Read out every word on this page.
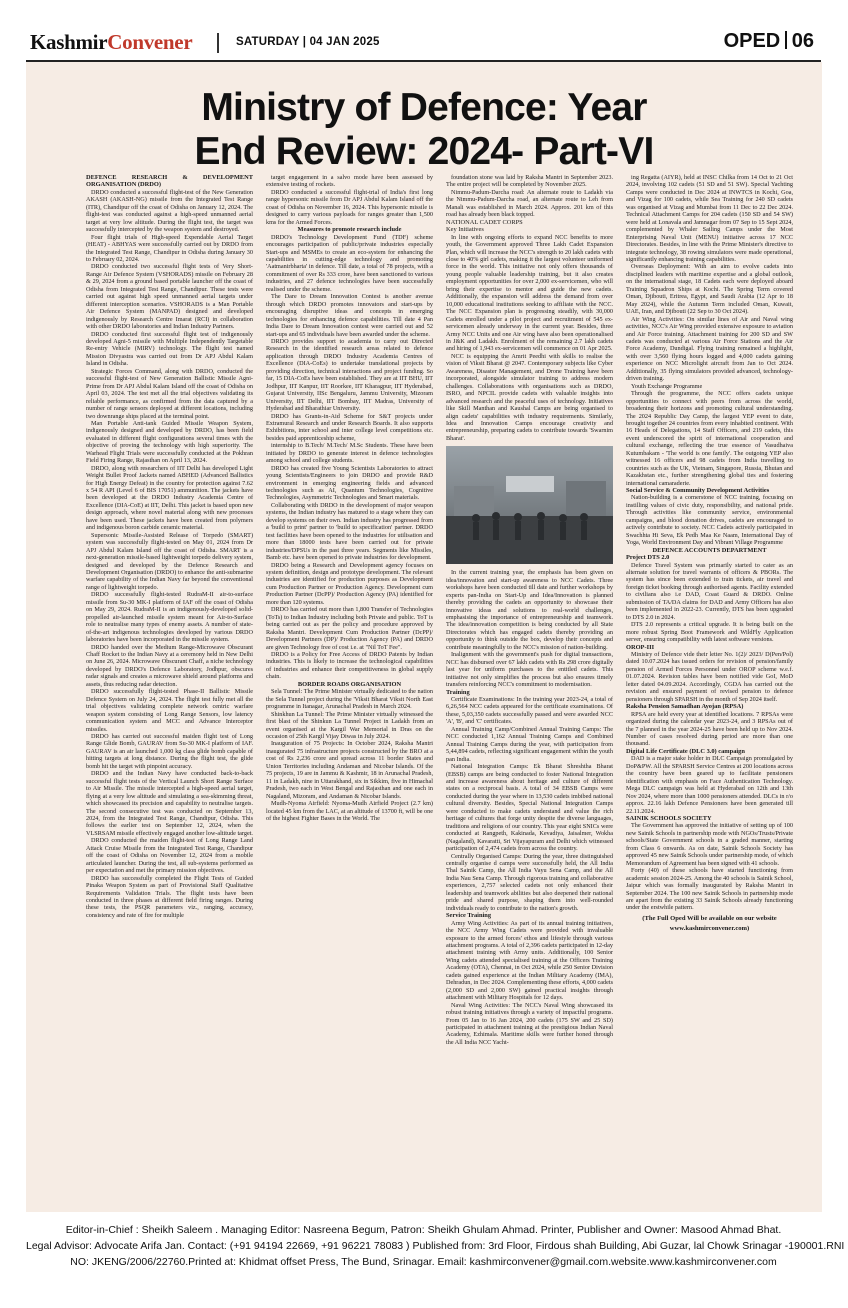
KashmirConvener	SATURDAY | 04 JAN 2025	OPED 06
Ministry of Defence: Year
End Review: 2024- Part-VI

DEFENCE RESEARCH & DEVELOPMENT ORGANISATION (DRDO)

DRDO conducted a successful flight-test of the New Generation AKASH (AKASH-NG) missile from the Integrated Test Range (ITR), Chandipur off the coast of Odisha on January 12, 2024. The flight-test was conducted against a high-speed unmanned aerial target at very low altitude. During the flight test, the target was successfully intercepted by the weapon system and destroyed.

Four flight trials of High-speed Expendable Aerial Target (HEAT) - ABHYAS were successfully carried out by DRDO from the Integrated Test Range, Chandipur in Odisha during January 30 to February 02, 2024.

DRDO conducted two successful flight tests of Very Short-Range Air Defence System (VSHORADS) missile on February 28 & 29, 2024 from a ground based portable launcher off the coast of Odisha from Integrated Test Range, Chandipur. These tests were carried out against high speed unmanned aerial targets under different interception scenarios. VSHORADS is a Man Portable Air Defence System (MANPAD) designed and developed indigenously by Research Centre Imarat (RCI) in collaboration with other DRDO laboratories and Indian Industry Partners.

DRDO conducted first successful flight test of indigenously developed Agni-5 missile with Multiple Independently Targetable Re-entry Vehicle (MIRV) technology. The flight test named Mission Divyastra was carried out from Dr APJ Abdul Kalam Island in Odisha.

Strategic Forces Command, along with DRDO, conducted the successful flight-test of New Generation Ballistic Missile Agni-Prime from Dr APJ Abdul Kalam Island off the coast of Odisha on April 03, 2024. The test met all the trial objectives validating its reliable performance, as confirmed from the data captured by a number of range sensors deployed at different locations, including two downrange ships placed at the terminal point.

Man Portable Anti-tank Guided Missile Weapon System, indigenously designed and developed by DRDO, has been field evaluated in different flight configurations several times with the objective of proving the technology with high superiority. The Warhead Flight Trials were successfully conducted at the Pokhran Field Firing Range, Rajasthan on April 13, 2024.

DRDO, along with researchers of IIT Delhi has developed Light Weight Bullet Proof Jackets named ABHED (Advanced Ballistics for High Energy Defeat) in the country for protection against 7.62 x 54 R API (Level 6 of BIS 17051) ammunition. The jackets have been developed at the DRDO Industry Academia Centre of Excellence (DIA-CoE) at IIT, Delhi. This jacket is based upon new design approach, where novel material along with new processes have been used. These jackets have been created from polymers and indigenous boron carbide ceramic material.

Supersonic Missile-Assisted Release of Torpedo (SMART) system was successfully flight-tested on May 01, 2024 from Dr APJ Abdul Kalam Island off the coast of Odisha. SMART is a next-generation missile-based lightweight torpedo delivery system, designed and developed by the Defence Research and Development Organisation (DRDO) to enhance the anti-submarine warfare capability of the Indian Navy far beyond the conventional range of lightweight torpedo.

DRDO successfully flight-tested RudraM-II air-to-surface missile from Su-30 MK-I platform of IAF off the coast of Odisha on May 29, 2024. RudraM-II is an indigenously-developed solid-propelled air-launched missile system meant for Air-to-Surface role to neutralise many types of enemy assets. A number of state-of-the-art indigenous technologies developed by various DRDO laboratories have been incorporated in the missile system.

DRDO handed over the Medium Range-Microwave Obscurant Chaff Rocket to the Indian Navy at a ceremony held in New Delhi on June 26, 2024. Microwave Obscurant Chaff, a niche technology developed by DRDO's Defence Laboratory, Jodhpur, obscures radar signals and creates a microwave shield around platforms and assets, thus reducing radar detection.

DRDO successfully flight-tested Phase-II Ballistic Missile Defence System on July 24, 2024. The flight test fully met all the trial objectives validating complete network centric warfare weapon system consisting of Long Range Sensors, low latency communication system and MCC and Advance Interceptor missiles.

DRDO has carried out successful maiden flight test of Long Range Glide Bomb, GAURAV from Su-30 MK-I platform of IAF. GAURAV is an air launched 1,000 kg class glide bomb capable of hitting targets at long distance. During the flight test, the glide bomb hit the target with pinpoint accuracy.

DRDO and the Indian Navy have conducted back-to-back successful flight tests of the Vertical Launch Short Range Surface to Air Missile. The missile intercepted a high-speed aerial target, flying at a very low altitude and simulating a sea-skimming threat, which showcased its precision and capability to neutralise targets. The second consecutive test was conducted on September 13, 2024, from the Integrated Test Range, Chandipur, Odisha. This follows the earlier test on September 12, 2024, when the VLSRSAM missile effectively engaged another low-altitude target.

DRDO conducted the maiden flight-test of Long Range Land Attack Cruise Missile from the Integrated Test Range, Chandipur off the coast of Odisha on November 12, 2024 from a mobile articulated launcher. During the test, all sub-systems performed as per expectation and met the primary mission objectives.

DRDO has successfully completed the Flight Tests of Guided Pinaka Weapon System as part of Provisional Staff Qualitative Requirements Validation Trials. The flight tests have been conducted in three phases at different field firing ranges. During these tests, the PSQR parameters viz., ranging, accuracy, consistency and rate of fire for multiple

target engagement in a salvo mode have been assessed by extensive testing of rockets.

DRDO conducted a successful flight-trial of India's first long range hypersonic missile from Dr APJ Abdul Kalam Island off the coast of Odisha on November 16, 2024. This hypersonic missile is designed to carry various payloads for ranges greater than 1,500 kms for the Armed Forces.

Measures to promote research include

DRDO's Technology Development Fund (TDF) scheme encourages participation of public/private industries especially Start-ups and MSMEs to create an eco-system for enhancing the capabilities in cutting-edge technology and promoting 'Aatmanirbharta' in defence. Till date, a total of 78 projects, with a commitment of over Rs 333 crore, have been sanctioned to various industries, and 27 defence technologies have been successfully realised under the scheme.

The Dare to Dream Innovation Contest is another avenue through which DRDO promotes innovators and start-ups by encouraging disruptive ideas and concepts in emerging technologies for enhancing defence capabilities. Till date 4 Pan India Dare to Dream Innovation contest were carried out and 52 start-ups and 65 individuals have been awarded under the scheme.

DRDO provides support to academia to carry out Directed Research in the identified research areas related to defence application through DRDO Industry Academia Centres of Excellence (DIA-CoEs) to undertake translational projects by providing direction, technical interactions and project funding. So far, 15 DIA-CoEs have been established. They are at IIT BHU, IIT Jodhpur, IIT Kanpur, IIT Roorkee, IIT Kharagpur, IIT Hyderabad, Gujarat University, IISc Bengaluru, Jammu University, Mizoram University, IIT Delhi, IIT Bombay, IIT Madras, University of Hyderabad and Bharathiar University.

DRDO has Grants-in-Aid Scheme for S&T projects under Extramural Research and under Research Boards. It also supports Exhibitions, inter school and inter college level competitions etc. besides paid apprenticeship scheme,

internship to B.Tech/ M.Tech/ M.Sc Students. These have been initiated by DRDO to generate interest in defence technologies among school and college students.

DRDO has created five Young Scientists Laboratories to attract young Scientists/Engineers to join DRDO and provide R&D environment in emerging engineering fields and advanced technologies such as AI, Quantum Technologies, Cognitive Technologies, Asymmetric Technologies and Smart materials.

Collaborating with DRDO in the development of major weapon systems, the Indian industry has matured to a stage where they can develop systems on their own. Indian industry has progressed from a 'build to print' partner to 'build to specification' partner. DRDO test facilities have been opened to the industries for utilisation and more than 18000 tests have been carried out for private industries/DPSUs in the past three years. Segments like Missiles, Bamb etc. have been opened to private industries for development.

DRDO being a Research and Development agency focuses on system definition, design and prototype development. The relevant industries are identified for production purposes as Development cum Production Partner or Production Agency. Development cum Production Partner (DcPP)/ Production Agency (PA) identified for more than 120 systems.

DRDO has carried out more than 1,800 Transfer of Technologies (ToTs) to Indian Industry including both Private and public. ToT is being carried out as per the policy and procedure approved by Raksha Mantri. Development Cum Production Partner (DcPP)/ Development Partners (DP)/ Production Agency (PA) and DRDO are given Technology free of cost i.e. at "Nil ToT Fee".

DRDO is a Policy for Free Access of DRDO Patents by Indian industries. This is likely to increase the technological capabilities of industries and enhance their competitiveness in global supply chain.

BORDER ROADS ORGANISATION

Sela Tunnel: The Prime Minister virtually dedicated to the nation the Sela Tunnel project during the 'Viksit Bharat Viksit North East programme in Itanagar, Arunachal Pradesh in March 2024.

Shinkhun La Tunnel: The Prime Minister virtually witnessed the first blast of the Shinkun La Tunnel Project in Ladakh from an event organised at the Kargil War Memorial in Dras on the occasion of 25th Kargil Vijay Diwas in July 2024.

Inauguration of 75 Projects: In October 2024, Raksha Mantri inaugurated 75 infrastructure projects constructed by the BRO at a cost of Rs 2,236 crore and spread across 11 border States and Union Territories including Andaman and Nicobar Islands. Of the 75 projects, 19 are in Jammu & Kashmir, 18 in Arunachal Pradesh, 11 in Ladakh, nine in Uttarakhand, six in Sikkim, five in Himachal Pradesh, two each in West Bengal and Rajasthan and one each in Nagaland, Mizoram, and Andaman & Nicobar Islands.

Mudh-Nyoma Airfield: Nyoma-Mudh Airfield Project (2.7 km) located 45 km from the LAC, at an altitude of 13700 ft, will be one of the highest Fighter Bases in the World. The

foundation stone was laid by Raksha Mantri in September 2023. The entire project will be completed by November 2025.

Nimmu-Padum-Darcha road: An alternate route to Ladakh via the Nimmu-Padum-Darcha road, an alternate route to Leh from Manali was established in March 2024. Approx. 201 km of this road has already been black topped.

NATIONAL CADET CORPS

Key Initiatives

In line with ongoing efforts to expand NCC benefits to more youth, the Government approved Three Lakh Cadet Expansion Plan, which will increase the NCC's strength to 20 lakh cadets with close to 40% girl cadets, making it the largest volunteer uniformed force in the world. This initiative not only offers thousands of young people valuable leadership training, but it also creates employment opportunities for over 2,000 ex-servicemen, who will bring their expertise to mentor and guide the new cadets. Additionally, the expansion will address the demand from over 10,000 educational institutions seeking to affiliate with the NCC. The NCC Expansion plan is progressing steadily, with 30,000 Cadets enrolled under a pilot project and recruitment of 545 ex-servicemen already underway in the current year. Besides, three Army NCC Units and one Air wing have also been operationalised in J&K and Ladakh. Enrolment of the remaining 2.7 lakh cadets and hiring of 1,943 ex-servicemen will commence on 01 Apr 2025.

NCC is equipping the Amrit Peedhi with skills to realise the vision of Viksit Bharat @ 2047. Contemporary subjects like Cyber Awareness, Disaster Management, and Drone Training have been incorporated, alongside simulator training to address modern challenges. Collaborations with organisations such as DRDO, ISRO, and NPCIL provide cadets with valuable insights into advanced research and the peaceful uses of technology. Initiatives like Skill Manthan and Kaushal Camps are being organised to align cadets' capabilities with industry requirements. Similarly, Idea and Innovation Camps encourage creativity and entrepreneurship, preparing cadets to contribute towards 'Swarnim Bharat'.

In the current training year, the emphasis has been given on idea/innovation and start-up awareness to NCC Cadets. Three workshops have been conducted till date and further workshops by experts pan-India on Start-Up and Idea/Innovation is planned thereby providing the cadets an opportunity to showcase their innovative ideas and solutions to real-world challenges, emphasising the importance of entrepreneurship and teamwork. The idea/innovation competition is being conducted by all State Directorates which has engaged cadets thereby providing an opportunity to think outside the box, develop their concepts and contribute meaningfully to the NCC's mission of nation-building.

Inalignment with the government's push for digital transactions, NCC has disbursed over 67 lakh cadets with Rs 298 crore digitally last year for uniform purchases to the entitled cadets. This initiative not only simplifies the process but also ensures timely transfers reinforcing NCC's commitment to modernisation.

Training

Certificate Examinations: In the training year 2023-24, a total of 6,26,564 NCC cadets appeared for the certificate examinations. Of these, 5,03,350 cadets successfully passed and were awarded NCC 'A', 'B', and 'C' certificates.

Annual Training Camp/Combined Annual Training Camps: The NCC conducted 1,162 Annual Training Camps and Combined Annual Training Camps during the year, with participation from 5,44,894 cadets, reflecting significant engagement within the youth pan India.

National Integration Camps: Ek Bharat Shreshtha Bharat (EBSB) camps are being conducted to foster National Integration and increase awareness about heritage and culture of different states on a reciprocal basis. A total of 34 EBSB Camps were conducted during the year where in 13,530 cadets imbibed national cultural diversity. Besides, Special National Integration Camps were conducted to make cadets understand and value the rich heritage of cultures that forge unity despite the diverse languages, traditions and religions of our country. This year eight SNICs were conducted at Rangpeth, Kakinada, Kevadiya, Jaisalmer, Wokha (Nagaland), Kavaratti, Sri Vijayapuram and Delhi which witnessed participation of 2,474 cadets from across the country.

Centrally Organised Camps: During the year, three distinguished centrally organise d camps were successfully held, the All India Thal Sainik Camp, the All India Vayu Sena Camp, and the All India Nau Sena Camp. Through rigorous training and collaborative experiences, 2,757 selected cadets not only enhanced their leadership and teamwork abilities but also deepened their national pride and shared purpose, shaping them into well-rounded individuals ready to contribute to the nation's growth.

Service Training

Army Wing Activities: As part of its annual training initiatives, the NCC Army Wing Cadets were provided with invaluable exposure to the armed forces' ethos and lifestyle through various attachment programs. A total of 2,396 cadets participated in 12-day attachment training with Army units. Additionally, 100 Senior Wing cadets attended specialised training at the Officers Training Academy (OTA), Chennai, in Oct 2024, while 250 Senior Division cadets gained experience at the Indian Military Academy (IMA), Dehradun, in Dec 2024. Complementing these efforts, 4,000 cadets (2,000 SD and 2,000 SW) gained practical insights through attachment with Military Hospitals for 12 days.

Naval Wing Activities: The NCC's Naval Wing showcased its robust training initiatives through a variety of impactful programs. From 05 Jan to 16 Jan 2024, 200 cadets (175 SW and 25 SD) participated in attachment training at the prestigious Indian Naval Academy, Ezhimala. Maritime skills were further honed through the All India NCC Yacht-

ing Regatta (AIYR), held at INSC Chilka from 14 Oct to 21 Oct 2024, involving 102 cadets (51 SD and 51 SW). Special Yachting Camps were conducted in Dec 2024 at INWTCS in Kochi, Goa, and Vizag for 100 cadets, while Sea Training for 240 SD cadets was organised at Vizag and Mumbai from 11 Dec to 22 Dec 2024. Technical Attachment Camps for 204 cadets (150 SD and 54 SW) were held at Lonavala and Jamnagar from 07 Sep to 15 Sept 2024, complemented by Whaler Sailing Camps under the Most Enterprising Naval Unit (MENU) initiative across 17 NCC Directorates. Besides, in line with the Prime Minister's directive to integrate technology, 38 rowing simulators were made operational, significantly enhancing training capabilities.

Overseas Deployment: With an aim to evolve cadets into disciplined leaders with maritime expertise and a global outlook, on the international stage, 18 Cadets each were deployed aboard Training Squadron Ships at Kochi. The Spring Term covered Oman, Djibouti, Eritrea, Egypt, and Saudi Arabia (12 Apr to 18 May 2024), while the Autumn Term included Oman, Kuwait, UAE, Iran, and Djibouti (22 Sep to 30 Oct 2024).

Air Wing Activities: On similar lines of Air and Naval wing activities, NCC's Air Wing provided extensive exposure to aviation and Air Force training. Attachment training for 200 SD and SW cadets was conducted at various Air Force Stations and the Air Force Academy, Dundigal. Flying training remained a highlight, with over 3,560 flying hours logged and 4,000 cadets gaining experience on NCC Microlight aircraft from Jan to Oct 2024. Additionally, 35 flying simulators provided advanced, technology-driven training.

Youth Exchange Programme

Through the programme, the NCC offers cadets unique opportunities to connect with peers from across the world, broadening their horizons and promoting cultural understanding. The 2024 Republic Day Camp, the largest YEP event to date, brought together 24 countries from every inhabited continent. With 16 Heads of Delegations, 14 Staff Officers, and 219 cadets, this event underscored the spirit of international cooperation and cultural exchange, reflecting the true essence of Vasudhaiva Kutumbakam - 'The world is one family'. The outgoing YEP also witnessed 16 officers and 98 cadets from India travelling to countries such as the UK, Vietnam, Singapore, Russia, Bhutan and Kazakhstan etc., further strengthening global ties and fostering international camaraderie.

Social Service & Community Development Activities

Nation-building is a cornerstone of NCC training, focusing on instilling values of civic duty, responsibility, and national pride. Through activities like community service, environmental campaigns, and blood donation drives, cadets are encouraged to actively contribute to society. NCC Cadets actively participated in Swachhta Hi Seva, Ek Pedh Maa Ke Naam, International Day of Yoga, World Environment Day and Vibrant Village Programme

DEFENCE ACCOUNTS DEPARTMENT

Project DTS 2.0

Defence Travel System was primarily started to cater as an alternate solution for travel warrants of officers & PBORs. The system has since been extended to train tickets, air travel and foreign ticket booking through authorised agents. Facility extended to civilians also i.e DAD, Coast Guard & DRDO. Online submission of TA/DA claims for DAD and Army Officers has also been implemented in 2022-23. Currently, DTS has been upgraded to DTS 2.0 in 2024.

DTS 2.0 represents a critical upgrade. It is being built on the more robust Spring Boot Framework and WildFly Application server, ensuring compatibility with latest software versions.

OROP-III

Ministry of Defence vide their letter No. 1(2)/ 2023/ D(Pen/Pol) dated 10.07.2024 has issued orders for revision of pension/family pension of Armed Forces Personnel under OROP scheme w.e.f. 01.07.2024. Revision tables have been notified vide GoI, MoD letter dated 04.09.2024. Accordingly, CGDA has carried out the revision and ensured payment of revised pension to defence pensioners through SPARSH in the month of Sep 2024 itself.

Raksha Pension Samadhan Ayojan (RPSA)

RPSA are held every year at identified locations. 7 RPSAs were organized during the calendar year 2023-24, and 3 RPSAs out of the 7 planned in the year 2024-25 have been held up to Nov 2024. Number of cases resolved during period are more than one thousand.

Digital Life Certificate (DLC 3.0) campaign

DAD is a major stake holder in DLC Campaign promulgated by DoP&PW. All the SPARSH Service Centres at 200 locations across the country have been geared up to facilitate pensioners identification with emphasis on Face Authentication Technology. Mega DLC campaign was held at Hyderabad on 12th and 13th Nov 2024, where more than 1000 pensioners attended. DLCs in r/o approx. 22.16 lakh Defence Pensioners have been generated till 22.11.2024.

SAINIK SCHOOLS SOCIETY

The Government has approved the initiative of setting up of 100 new Sainik Schools in partnership mode with NGOs/Trusts/Private schools/State Government schools in a graded manner, starting from Class 6 onwards. As on date, Sainik Schools Society has approved 45 new Sainik Schools under partnership mode, of which Memorandum of Agreement has been signed with 41 schools.

Forty (40) of these schools have started functioning from academic session 2024-25. Among the 40 schools is Sainik School, Jaipur which was formally inaugurated by Raksha Mantri in September 2024. The 100 new Sainik Schools in partnership mode are apart from the existing 33 Sainik Schools already functioning under the erstwhile pattern.

(The Full Oped Will be available on our website

www.kashmirconvener.com)

Editor-in-Chief : Sheikh Saleem . Managing Editor: Nasreena Begum, Patron: Sheikh Ghulam Ahmad. Printer, Publisher and Owner: Masood Ahmad Bhat.
Legal Advisor: Advocate Arifa Jan. Contact: (+91 94194 22669, +91 96221 78083 ) Published from: 3rd Floor, Firdous shah Building, Abi Guzar, lal Chowk Srinagar -190001.RNI
NO: JKENG/2006/22760.Printed at: Khidmat offset Press, The Bund, Srinagar. Email: kashmirconvener@gmail.com.website.www.kashmirconvener.com
